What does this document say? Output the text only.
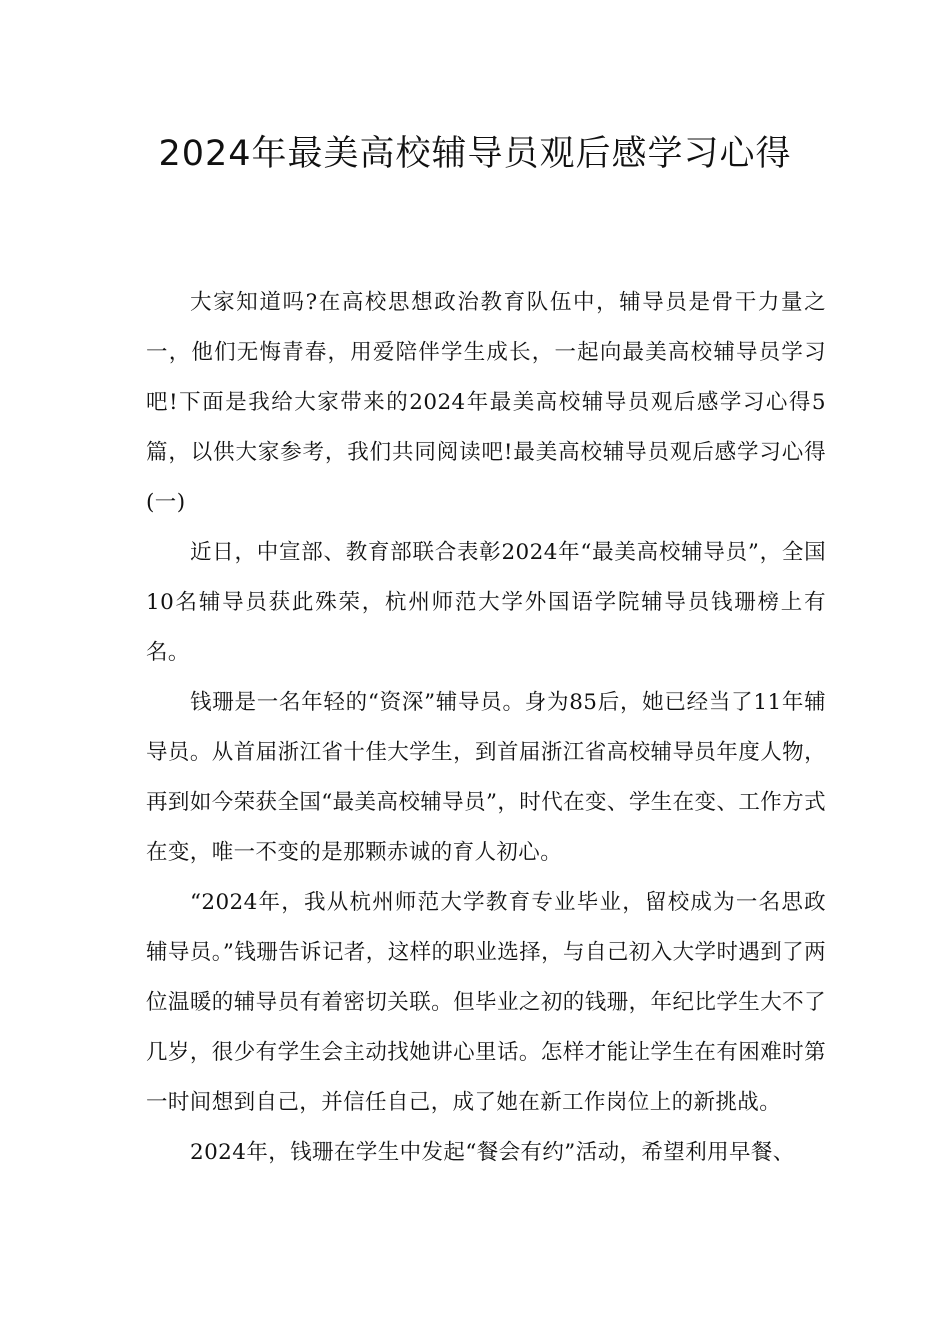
2024年最美高校辅导员观后感学习心得

大家知道吗?在高校思想政治教育队伍中，辅导员是骨干力量之一，他们无悔青春，用爱陪伴学生成长，一起向最美高校辅导员学习吧!下面是我给大家带来的2024年最美高校辅导员观后感学习心得5篇，以供大家参考，我们共同阅读吧!最美高校辅导员观后感学习心得(一)

近日，中宣部、教育部联合表彰2024年“最美高校辅导员”，全国10名辅导员获此殊荣，杭州师范大学外国语学院辅导员钱珊榜上有名。

钱珊是一名年轻的“资深”辅导员。身为85后，她已经当了11年辅导员。从首届浙江省十佳大学生，到首届浙江省高校辅导员年度人物，再到如今荣获全国“最美高校辅导员”，时代在变、学生在变、工作方式在变，唯一不变的是那颗赤诚的育人初心。

“2024年，我从杭州师范大学教育专业毕业，留校成为一名思政辅导员。”钱珊告诉记者，这样的职业选择，与自己初入大学时遇到了两位温暖的辅导员有着密切关联。但毕业之初的钱珊，年纪比学生大不了几岁，很少有学生会主动找她讲心里话。怎样才能让学生在有困难时第一时间想到自己，并信任自己，成了她在新工作岗位上的新挑战。

2024年，钱珊在学生中发起“餐会有约”活动，希望利用早餐、
